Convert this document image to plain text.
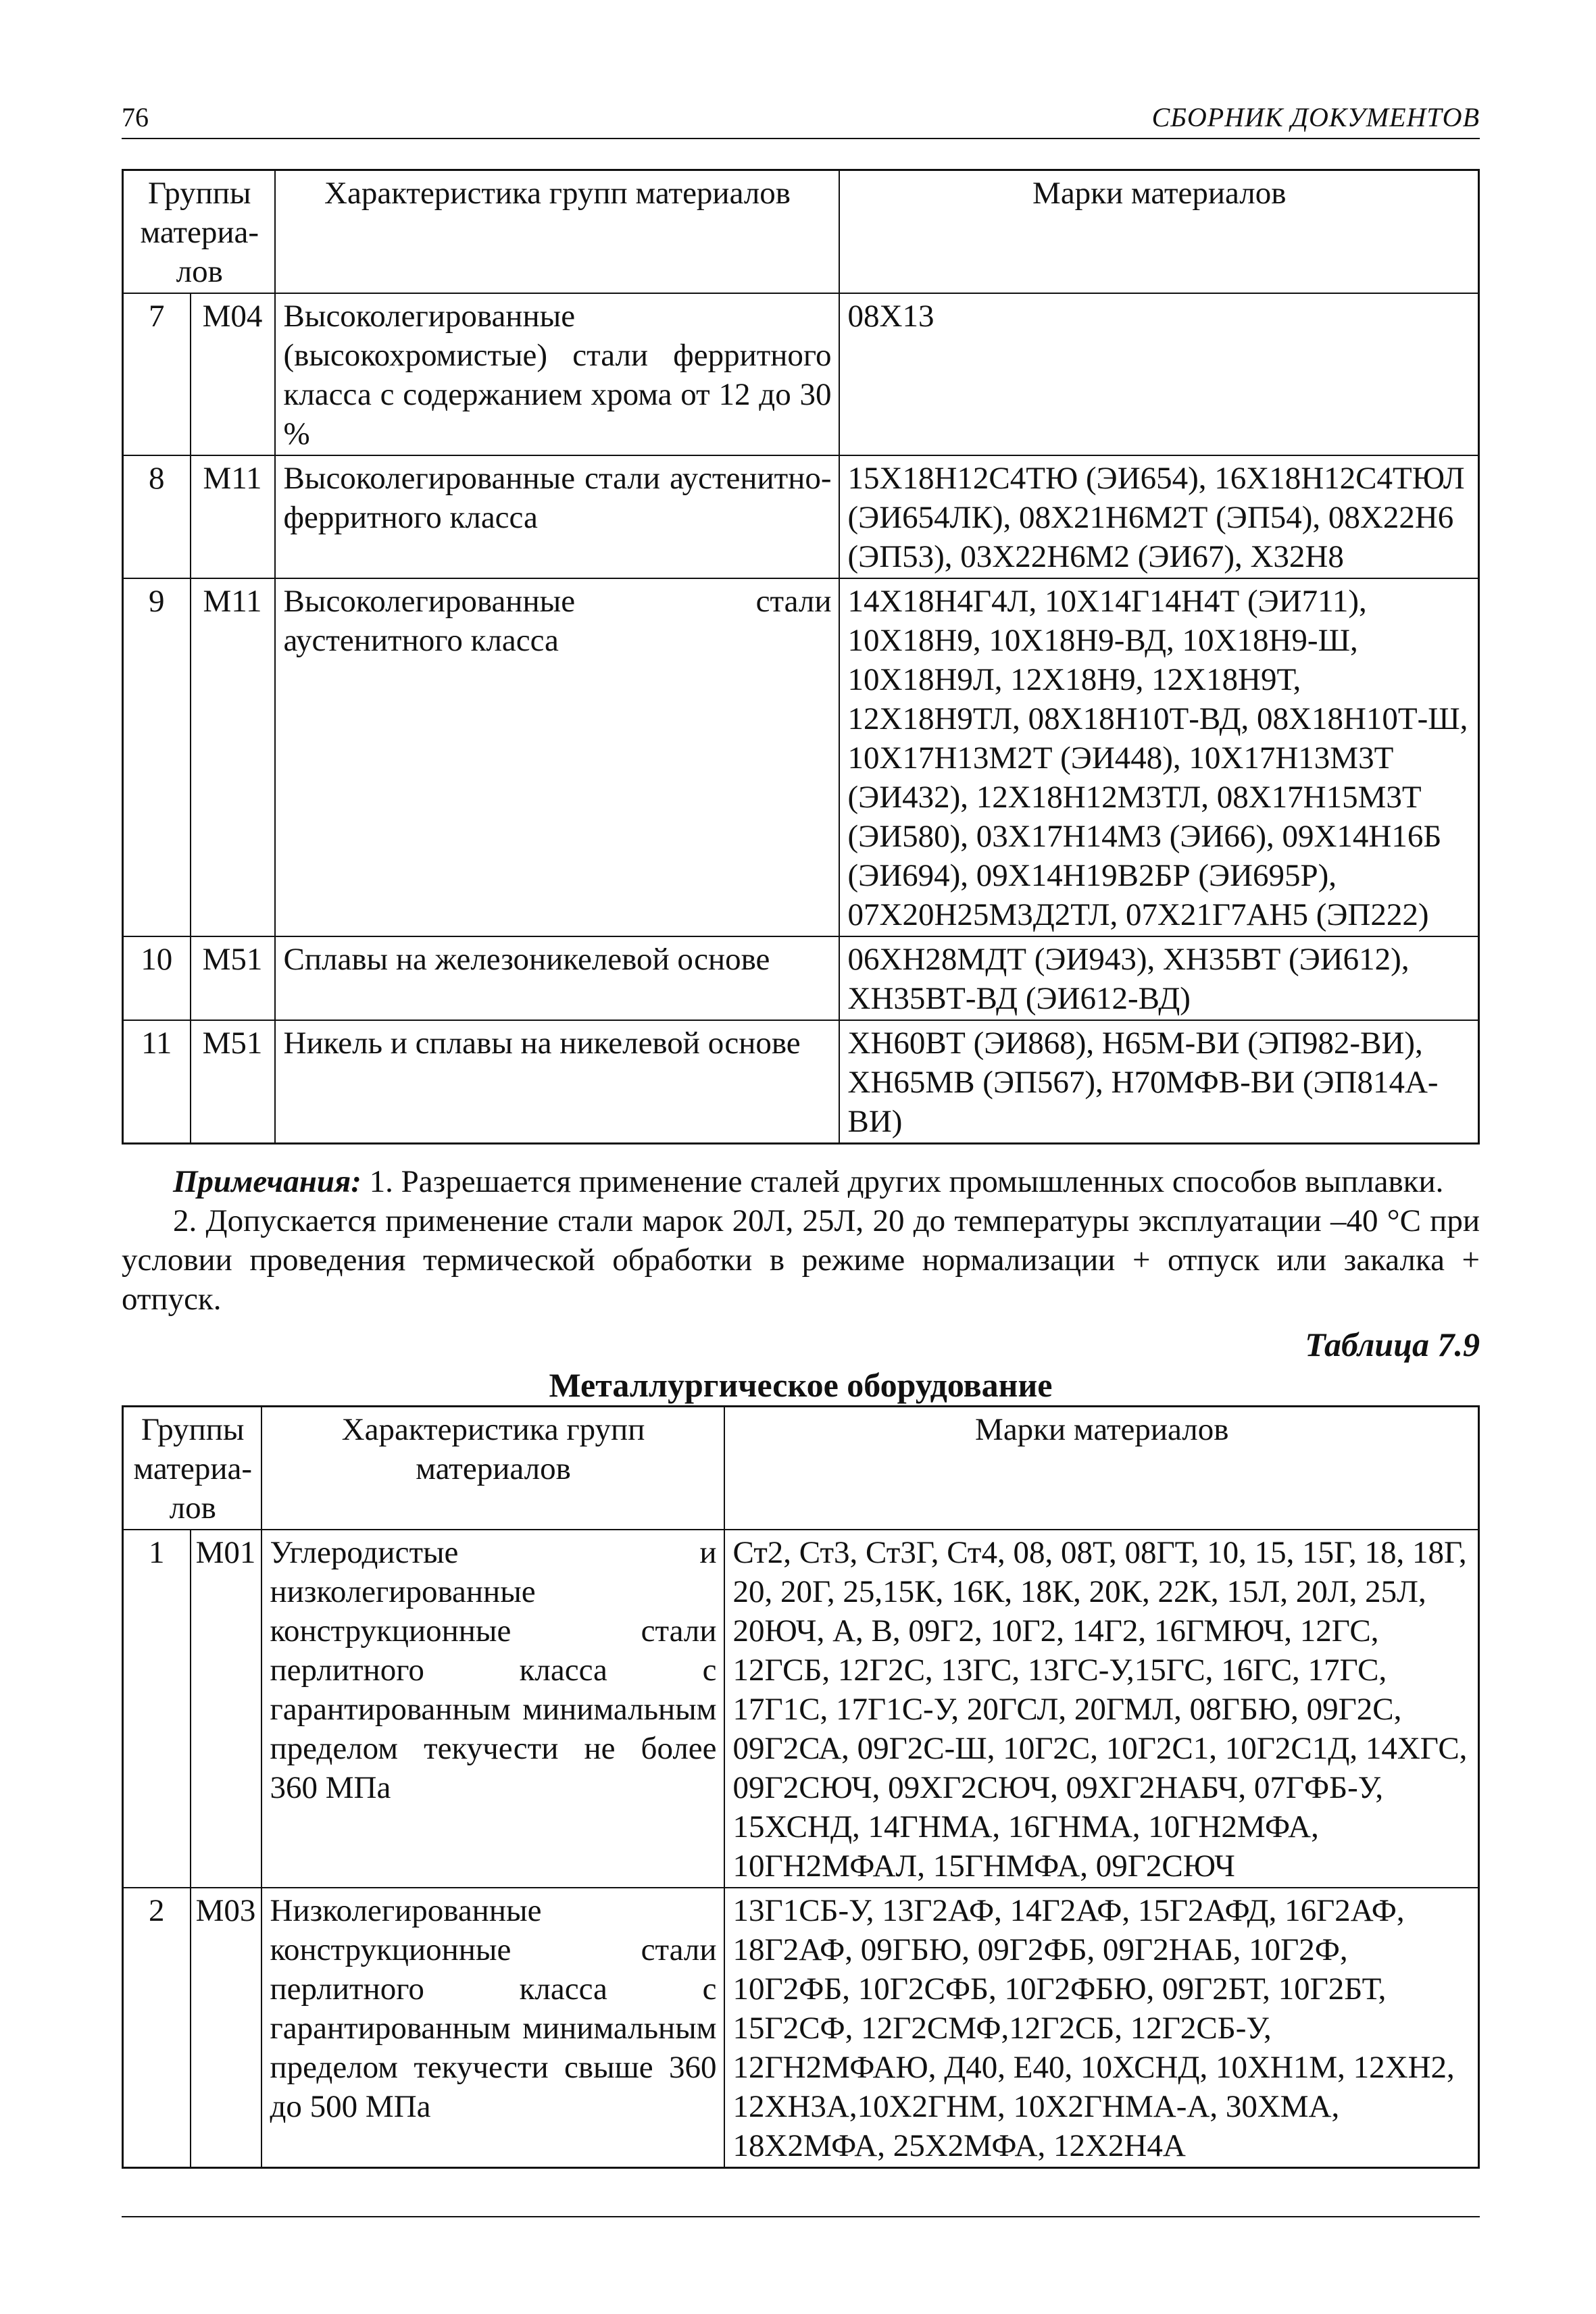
76	СБОРНИК ДОКУМЕНТОВ
Группы материа-лов		Характеристика групп материалов	Марки материалов
7	М04	Высоколегированные (высокохромистые) стали ферритного класса с содержанием хрома от 12 до 30 %	08Х13
8	М11	Высоколегированные стали аустенитно-ферритного класса	15Х18Н12С4ТЮ (ЭИ654), 16Х18Н12С4ТЮЛ (ЭИ654ЛК), 08Х21Н6М2Т (ЭП54), 08Х22Н6 (ЭП53), 03Х22Н6М2 (ЭИ67), Х32Н8
9	М11	Высоколегированные стали аустенитного класса	14Х18Н4Г4Л, 10Х14Г14Н4Т (ЭИ711), 10Х18Н9, 10Х18Н9-ВД, 10Х18Н9-Ш, 10Х18Н9Л, 12Х18Н9, 12Х18Н9Т, 12Х18Н9ТЛ, 08Х18Н10Т-ВД, 08Х18Н10Т-Ш, 10Х17Н13М2Т (ЭИ448), 10Х17Н13М3Т (ЭИ432), 12Х18Н12М3ТЛ, 08Х17Н15М3Т (ЭИ580), 03Х17Н14М3 (ЭИ66), 09Х14Н16Б (ЭИ694), 09Х14Н19В2БР (ЭИ695Р), 07Х20Н25М3Д2ТЛ, 07Х21Г7АН5 (ЭП222)
10	М51	Сплавы на железоникелевой основе	06ХН28МДТ (ЭИ943), ХН35ВТ (ЭИ612), ХН35ВТ-ВД (ЭИ612-ВД)
11	М51	Никель и сплавы на никелевой основе	ХН60ВТ (ЭИ868), Н65М-ВИ (ЭП982-ВИ), ХН65МВ (ЭП567), Н70МФВ-ВИ (ЭП814А-ВИ)

Примечания: 1. Разрешается применение сталей других промышленных способов выплавки.

2. Допускается применение стали марок 20Л, 25Л, 20 до температуры эксплуатации –40 °С при условии проведения термической обработки в режиме нормализации + отпуск или закалка + отпуск.

Таблица 7.9
Металлургическое оборудование
Группы материа-лов		Характеристика групп материалов	Марки материалов
1	М01	Углеродистые и низколегированные конструкционные стали перлитного класса с гарантированным минимальным пределом текучести не более 360 МПа	Ст2, Ст3, Ст3Г, Ст4, 08, 08Т, 08ГТ, 10, 15, 15Г, 18, 18Г, 20, 20Г, 25,15К, 16К, 18К, 20К, 22К, 15Л, 20Л, 25Л, 20ЮЧ, А, В, 09Г2, 10Г2, 14Г2, 16ГМЮЧ, 12ГС, 12ГСБ, 12Г2С, 13ГС, 13ГС-У,15ГС, 16ГС, 17ГС, 17Г1С, 17Г1С-У, 20ГСЛ, 20ГМЛ, 08ГБЮ, 09Г2С, 09Г2СА, 09Г2С-Ш, 10Г2С, 10Г2С1, 10Г2С1Д, 14ХГС, 09Г2СЮЧ, 09ХГ2СЮЧ, 09ХГ2НАБЧ, 07ГФБ-У, 15ХСНД, 14ГНМА, 16ГНМА, 10ГН2МФА, 10ГН2МФАЛ, 15ГНМФА, 09Г2СЮЧ
2	М03	Низколегированные конструкционные стали перлитного класса с гарантированным минимальным пределом текучести свыше 360 до 500 МПа	13Г1СБ-У, 13Г2АФ, 14Г2АФ, 15Г2АФД, 16Г2АФ, 18Г2АФ, 09ГБЮ, 09Г2ФБ, 09Г2НАБ, 10Г2Ф, 10Г2ФБ, 10Г2СФБ, 10Г2ФБЮ, 09Г2БТ, 10Г2БТ, 15Г2СФ, 12Г2СМФ,12Г2СБ, 12Г2СБ-У, 12ГН2МФАЮ, Д40, Е40, 10ХСНД, 10ХН1М, 12ХН2, 12ХН3А,10Х2ГНМ, 10Х2ГНМА-А, 30ХМА, 18Х2МФА, 25Х2МФА, 12Х2Н4А
